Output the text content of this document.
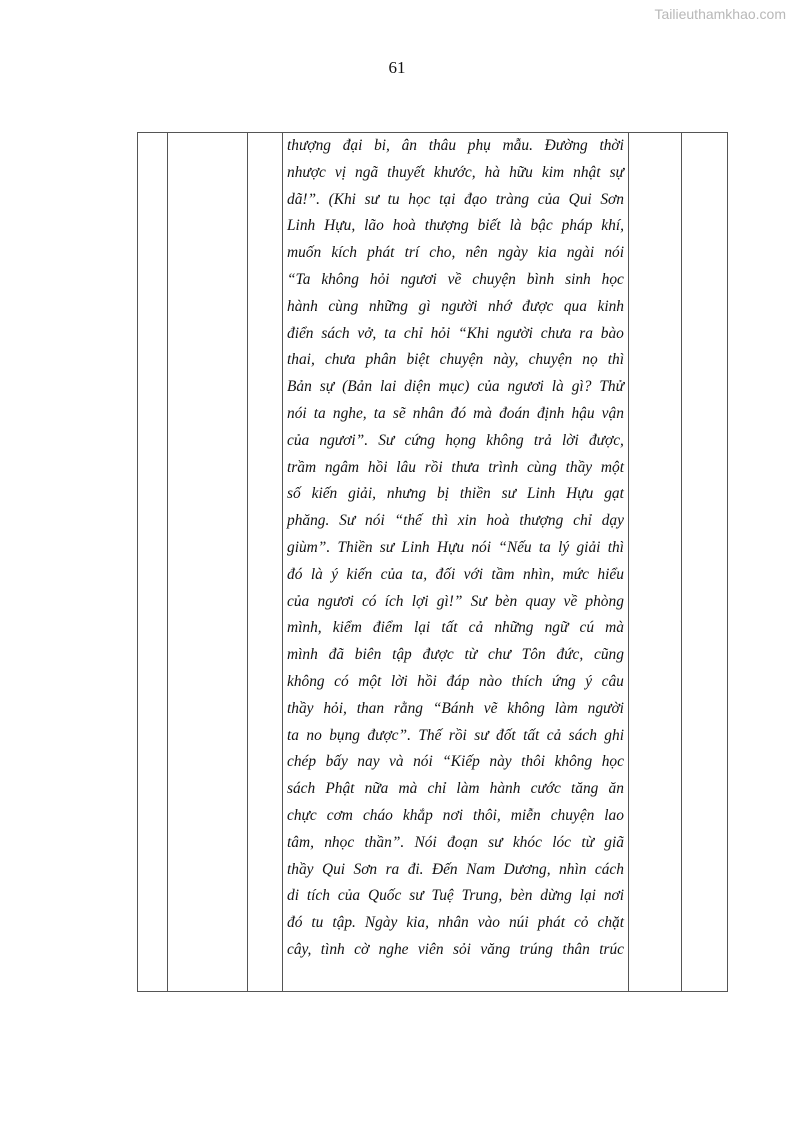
Tailieuthamkhao.com
61

thượng đại bi, ân thâu phụ mẫu. Đường thời
nhược vị ngã thuyết khước, hà hữu kim nhật sự
dã!”. (Khi sư tu học tại đạo tràng của Qui Sơn
Linh Hựu, lão hoà thượng biết là bậc pháp khí,
muốn kích phát trí cho, nên ngày kia ngài nói
“Ta không hỏi ngươi về chuyện bình sinh học
hành cùng những gì người nhớ được qua kinh
điển sách vở, ta chỉ hỏi “Khi người chưa ra bào
thai, chưa phân biệt chuyện này, chuyện nọ thì
Bản sự (Bản lai diện mục) của ngươi là gì? Thử
nói ta nghe, ta sẽ nhân đó mà đoán định hậu vận
của ngươi”. Sư cứng họng không trả lời được,
trầm ngâm hồi lâu rồi thưa trình cùng thầy một
số kiến giải, nhưng bị thiền sư Linh Hựu gạt
phăng. Sư nói “thế thì xin hoà thượng chỉ dạy
giùm”. Thiền sư Linh Hựu nói “Nếu ta lý giải thì
đó là ý kiến của ta, đối với tầm nhìn, mức hiểu
của ngươi có ích lợi gì!” Sư bèn quay về phòng
mình, kiểm điểm lại tất cả những ngữ cú mà
mình đã biên tập được từ chư Tôn đức, cũng
không có một lời hồi đáp nào thích ứng ý câu
thầy hỏi, than rằng “Bánh vẽ không làm người
ta no bụng được”. Thế rồi sư đốt tất cả sách ghi
chép bấy nay và nói “Kiếp này thôi không học
sách Phật nữa mà chỉ làm hành cước tăng ăn
chực cơm cháo khắp nơi thôi, miễn chuyện lao
tâm, nhọc thần”. Nói đoạn sư khóc lóc từ giã
thầy Qui Sơn ra đi. Đến Nam Dương, nhìn cách
di tích của Quốc sư Tuệ Trung, bèn dừng lại nơi
đó tu tập. Ngày kia, nhân vào núi phát cỏ chặt
cây, tình cờ nghe viên sỏi văng trúng thân trúc
